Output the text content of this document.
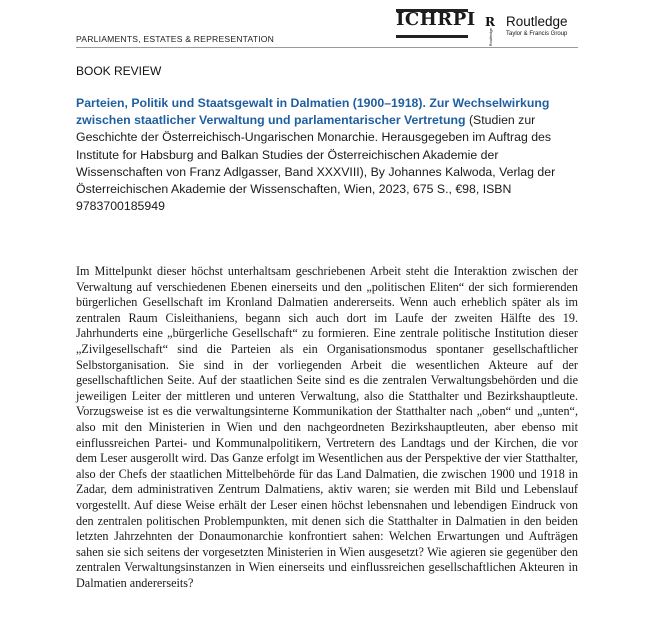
PARLIAMENTS, ESTATES & REPRESENTATION
ICHRPI R
Routledge
Routledge
Taylor & Francis Group
BOOK REVIEW
Parteien, Politik und Staatsgewalt in Dalmatien (1900–1918). Zur Wechselwirkung zwischen staatlicher Verwaltung und parlamentarischer Vertretung (Studien zur Geschichte der Österreichisch-Ungarischen Monarchie. Herausgegeben im Auftrag des Institute for Habsburg and Balkan Studies der Österreichischen Akademie der Wissenschaften von Franz Adlgasser, Band XXXVIII), By Johannes Kalwoda, Verlag der Österreichischen Akademie der Wissenschaften, Wien, 2023, 675 S., €98, ISBN 9783700185949
Im Mittelpunkt dieser höchst unterhaltsam geschriebenen Arbeit steht die Interaktion zwischen der Verwaltung auf verschiedenen Ebenen einerseits und den „politischen Eliten“ der sich formierenden bürgerlichen Gesellschaft im Kronland Dalmatien andererseits. Wenn auch erheblich später als im zentralen Raum Cisleithaniens, begann sich auch dort im Laufe der zweiten Hälfte des 19. Jahrhunderts eine „bürgerliche Gesellschaft“ zu formieren. Eine zentrale politische Institution dieser „Zivilgesellschaft“ sind die Parteien als ein Organisationsmodus spontaner gesellschaftlicher Selbstorganisation. Sie sind in der vorliegenden Arbeit die wesentlichen Akteure auf der gesellschaftlichen Seite. Auf der staatlichen Seite sind es die zentralen Verwaltungsbehörden und die jeweiligen Leiter der mittleren und unteren Verwaltung, also die Statthalter und Bezirkshauptleute. Vorzugsweise ist es die verwaltungsinterne Kommunikation der Statthalter nach „oben“ und „unten“, also mit den Ministerien in Wien und den nachgeordneten Bezirkshauptleuten, aber ebenso mit einflussreichen Partei- und Kommunalpolitikern, Vertretern des Landtags und der Kirchen, die vor dem Leser ausgerollt wird. Das Ganze erfolgt im Wesentlichen aus der Perspektive der vier Statthalter, also der Chefs der staatlichen Mittelbehörde für das Land Dalmatien, die zwischen 1900 und 1918 in Zadar, dem administrativen Zentrum Dalmatiens, aktiv waren; sie werden mit Bild und Lebenslauf vorgestellt. Auf diese Weise erhält der Leser einen höchst lebensnahen und lebendigen Eindruck von den zentralen politischen Problempunkten, mit denen sich die Statthalter in Dalmatien in den beiden letzten Jahrzehnten der Donaumonarchie konfrontiert sahen: Welchen Erwartungen und Aufträgen sahen sie sich seitens der vorgesetzten Ministerien in Wien ausgesetzt? Wie agieren sie gegenüber den zentralen Verwaltungsinstanzen in Wien einerseits und einflussreichen gesellschaftlichen Akteuren in Dalmatien andererseits?
